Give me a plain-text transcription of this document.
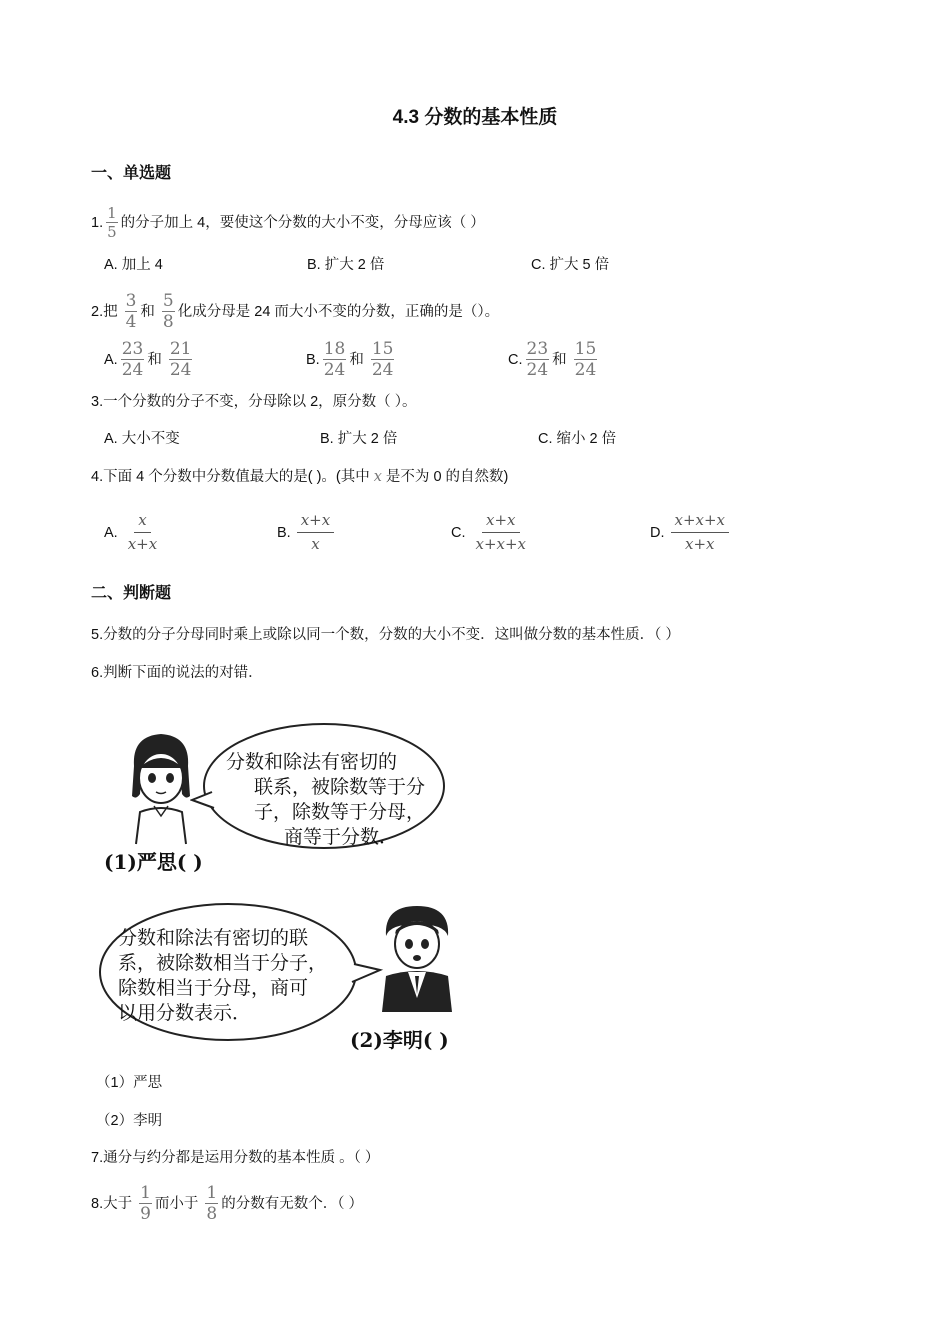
4.3 分数的基本性质
一、单选题
1. $\frac{1}{5}$ 的分子加上 4，要使这个分数的大小不变，分母应该（ ）
A. 加上 4	B. 扩大 2 倍	C. 扩大 5 倍
2.把 $\frac{3}{4}$ 和 $\frac{5}{8}$ 化成分母是 24 而大小不变的分数，正确的是（）。
A. $\frac{23}{24}$ 和 $\frac{21}{24}$	B. $\frac{18}{24}$ 和 $\frac{15}{24}$	C. $\frac{23}{24}$ 和 $\frac{15}{24}$
3.一个分数的分子不变，分母除以 2，原分数（ ）。
A. 大小不变	B. 扩大 2 倍	C. 缩小 2 倍
4.下面 4 个分数中分数值最大的是( )。(其中 x 是不为 0 的自然数)
A. $\frac{x}{x+x}$	B. $\frac{x+x}{x}$	C. $\frac{x+x}{x+x+x}$	D. $\frac{x+x+x}{x+x}$
二、判断题
5.分数的分子分母同时乘上或除以同一个数，分数的大小不变．这叫做分数的基本性质．（ ）
6.判断下面的说法的对错．
分数和除法有密切的
联系，被除数等于分
子，除数等于分母，
商等于分数．
(1)严思( )
分数和除法有密切的联
系，被除数相当于分子，
除数相当于分母，商可
以用分数表示．
(2)李明( )
（1）严思
（2）李明
7.通分与约分都是运用分数的基本性质 。（ ）
8.大于 $\frac{1}{9}$ 而小于 $\frac{1}{8}$ 的分数有无数个．（ ）
